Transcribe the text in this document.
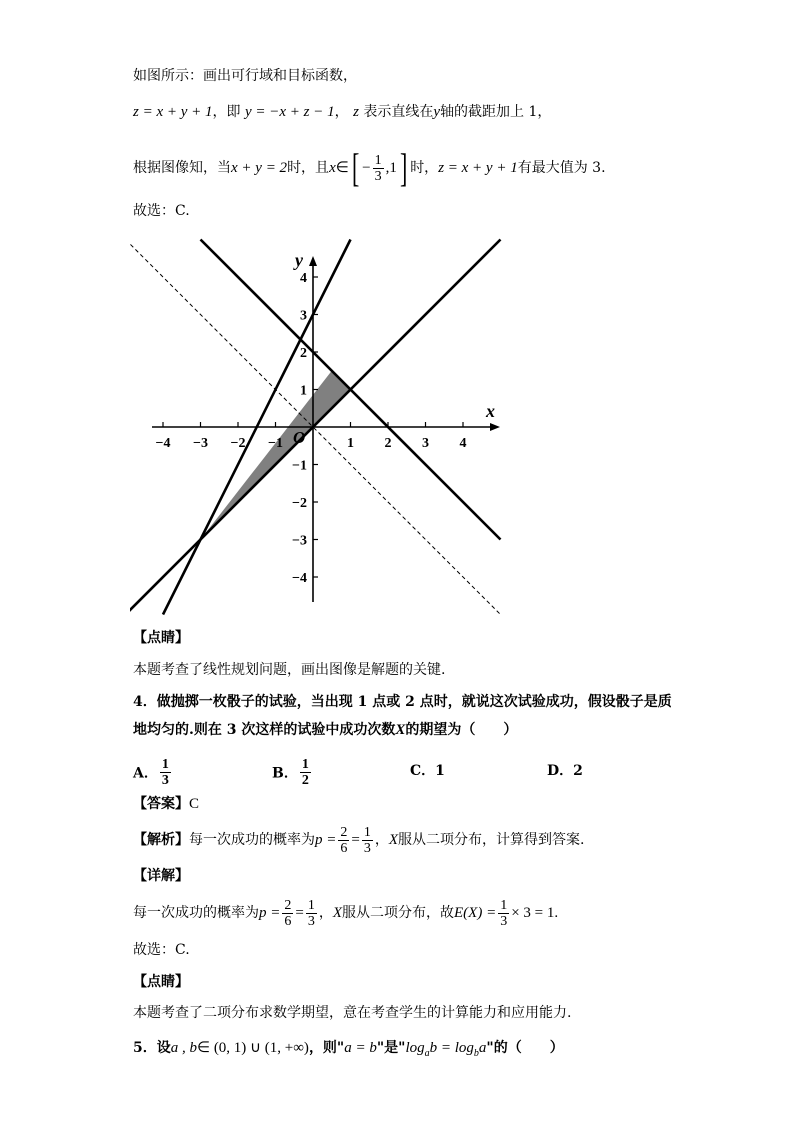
如图所示：画出可行域和目标函数，
z = x + y + 1，即 y = −x + z − 1， z 表示直线在y轴的截距加上 1，
根据图像知，当x + y = 2时，且x∈[ − $\frac{1}{3} ,1$] 时，z = x + y + 1有最大值为 3.
故选：C.
−4 −3 −2 −1	1 2 3 4
4
3
2
1
−1
−2
−3
−4
x
y
O
【点睛】
本题考查了线性规划问题，画出图像是解题的关键.
4．做抛掷一枚骰子的试验，当出现 1 点或 2 点时，就说这次试验成功，假设骰子是质
地均匀的.则在 3 次这样的试验中成功次数X的期望为（　　）
A． $\frac{1}{3}$	B． $\frac{1}{2}$	C．1	D．2
【答案】C
【解析】每一次成功的概率为$p = \frac{2}{6} = \frac{1}{3}$ ，X服从二项分布，计算得到答案.
【详解】
每一次成功的概率为$p = \frac{2}{6} = \frac{1}{3}$ ，X服从二项分布，故$E(X) = \frac{1}{3} \times 3 = 1$.
故选：C.
【点睛】
本题考查了二项分布求数学期望，意在考查学生的计算能力和应用能力.
5．设a , b∈ (0, 1) ∪ (1, +∞)，则"a = b"是"$\log_ab = \log_ba$"的（　　）
